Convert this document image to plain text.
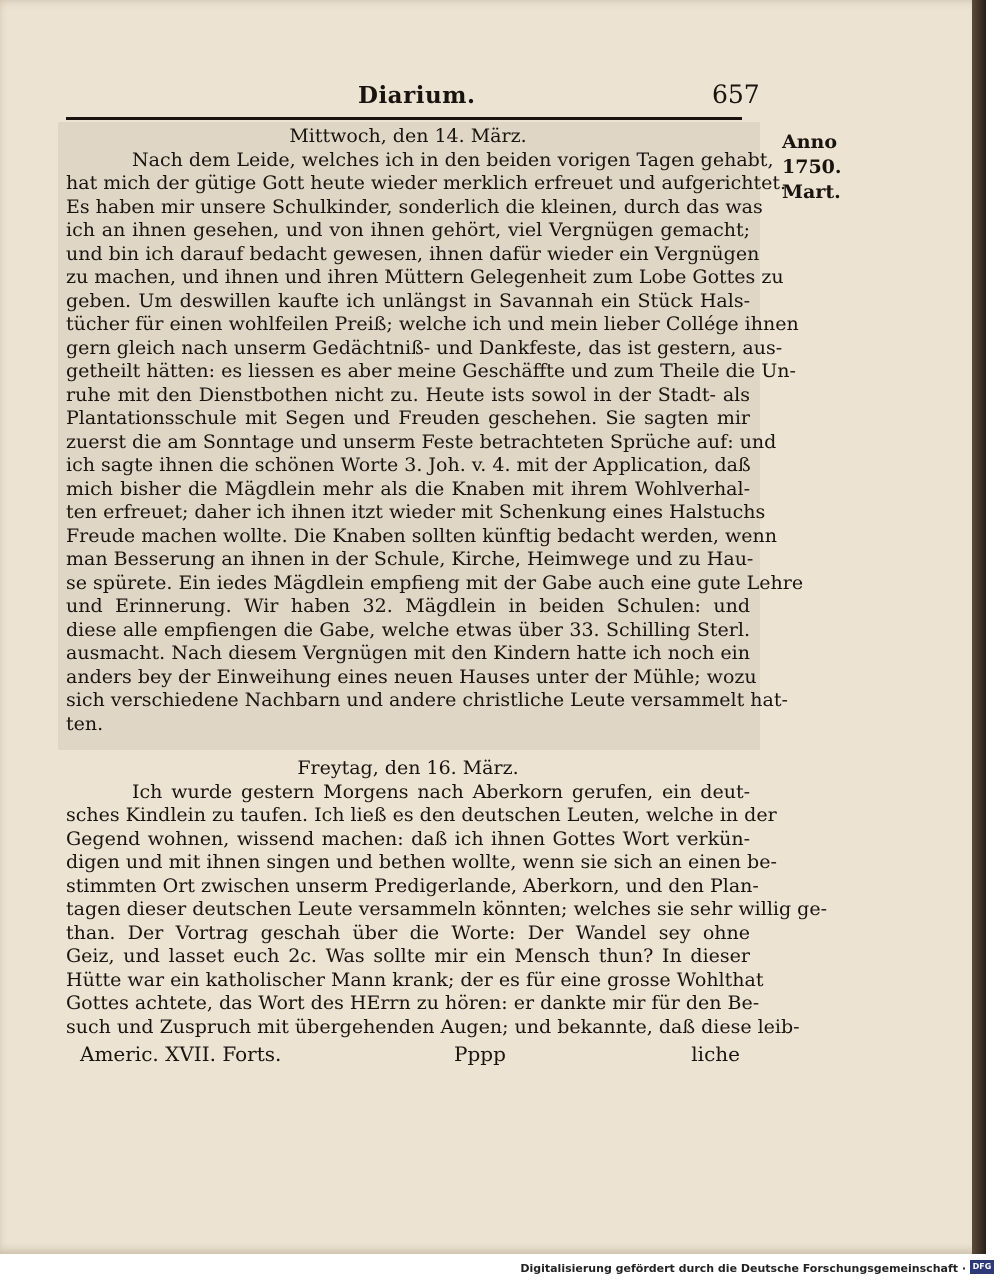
Diarium.	657
Anno
1750.
Mart.
Mittwoch, den 14. März.
Nach dem Leide, welches ich in den beiden vorigen Tagen gehabt,
hat mich der gütige Gott heute wieder merklich erfreuet und aufgerichtet.
Es haben mir unsere Schulkinder, sonderlich die kleinen, durch das was
ich an ihnen gesehen, und von ihnen gehört, viel Vergnügen gemacht;
und bin ich darauf bedacht gewesen, ihnen dafür wieder ein Vergnügen
zu machen, und ihnen und ihren Müttern Gelegenheit zum Lobe Gottes zu
geben. Um deswillen kaufte ich unlängst in Savannah ein Stück Hals-
tücher für einen wohlfeilen Preiß; welche ich und mein lieber Collége ihnen
gern gleich nach unserm Gedächtniß- und Dankfeste, das ist gestern, aus-
getheilt hätten: es liessen es aber meine Geschäffte und zum Theile die Un-
ruhe mit den Dienstbothen nicht zu. Heute ists sowol in der Stadt- als
Plantationsschule mit Segen und Freuden geschehen. Sie sagten mir
zuerst die am Sonntage und unserm Feste betrachteten Sprüche auf: und
ich sagte ihnen die schönen Worte 3. Joh. v. 4. mit der Application, daß
mich bisher die Mägdlein mehr als die Knaben mit ihrem Wohlverhal-
ten erfreuet; daher ich ihnen itzt wieder mit Schenkung eines Halstuchs
Freude machen wollte. Die Knaben sollten künftig bedacht werden, wenn
man Besserung an ihnen in der Schule, Kirche, Heimwege und zu Hau-
se spürete. Ein iedes Mägdlein empfieng mit der Gabe auch eine gute Lehre
und Erinnerung. Wir haben 32. Mägdlein in beiden Schulen: und
diese alle empfiengen die Gabe, welche etwas über 33. Schilling Sterl.
ausmacht. Nach diesem Vergnügen mit den Kindern hatte ich noch ein
anders bey der Einweihung eines neuen Hauses unter der Mühle; wozu
sich verschiedene Nachbarn und andere christliche Leute versammelt hat-
ten.
Freytag, den 16. März.
Ich wurde gestern Morgens nach Aberkorn gerufen, ein deut-
sches Kindlein zu taufen. Ich ließ es den deutschen Leuten, welche in der
Gegend wohnen, wissend machen: daß ich ihnen Gottes Wort verkün-
digen und mit ihnen singen und bethen wollte, wenn sie sich an einen be-
stimmten Ort zwischen unserm Predigerlande, Aberkorn, und den Plan-
tagen dieser deutschen Leute versammeln könnten; welches sie sehr willig ge-
than. Der Vortrag geschah über die Worte: Der Wandel sey ohne
Geiz, und lasset euch 2c. Was sollte mir ein Mensch thun? In dieser
Hütte war ein katholischer Mann krank; der es für eine grosse Wohlthat
Gottes achtete, das Wort des HErrn zu hören: er dankte mir für den Be-
such und Zuspruch mit übergehenden Augen; und bekannte, daß diese leib-
Americ. XVII. Forts.	Pppp	liche
Digitalisierung gefördert durch die Deutsche Forschungsgemeinschaft · DFG
